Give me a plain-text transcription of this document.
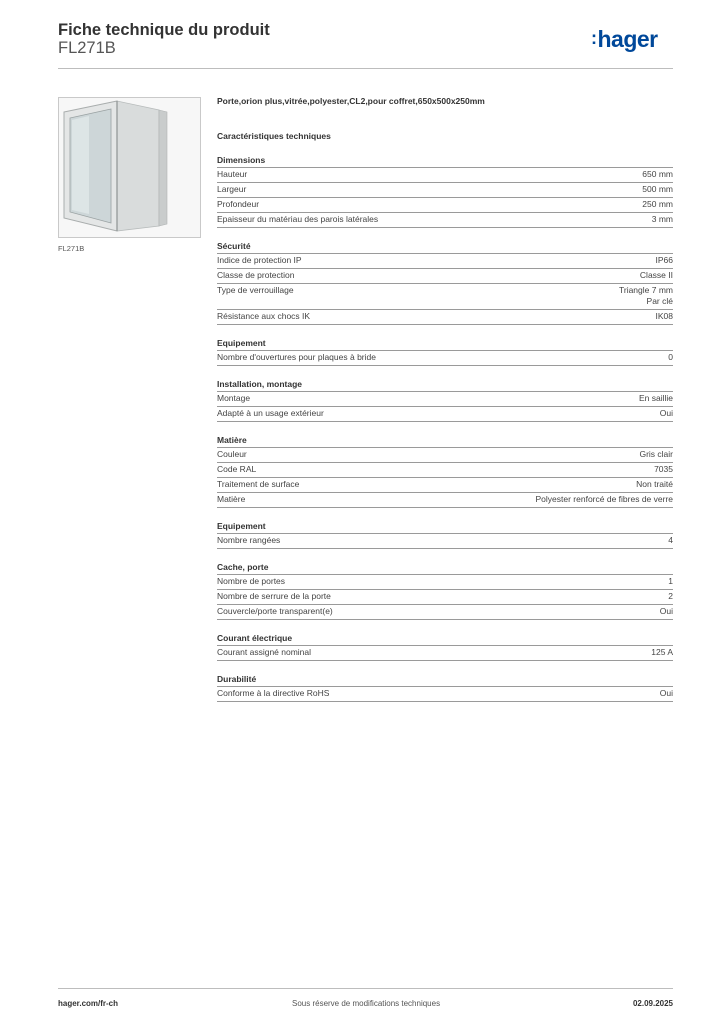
Fiche technique du produit
FL271B	:hager
FL271B
Porte,orion plus,vitrée,polyester,CL2,pour coffret,650x500x250mm
Caractéristiques techniques
Dimensions
Hauteur	650 mm
Largeur	500 mm
Profondeur	250 mm
Epaisseur du matériau des parois latérales	3 mm
Sécurité
Indice de protection IP	IP66
Classe de protection	Classe II
Type de verrouillage	Triangle 7 mm
Par clé
Résistance aux chocs IK	IK08
Equipement
Nombre d'ouvertures pour plaques à bride	0
Installation, montage
Montage	En saillie
Adapté à un usage extérieur	Oui
Matière
Couleur	Gris clair
Code RAL	7035
Traitement de surface	Non traité
Matière	Polyester renforcé de fibres de verre
Equipement
Nombre rangées	4
Cache, porte
Nombre de portes	1
Nombre de serrure de la porte	2
Couvercle/porte transparent(e)	Oui
Courant électrique
Courant assigné nominal	125 A
Durabilité
Conforme à la directive RoHS	Oui
hager.com/fr-ch	Sous réserve de modifications techniques	02.09.2025
